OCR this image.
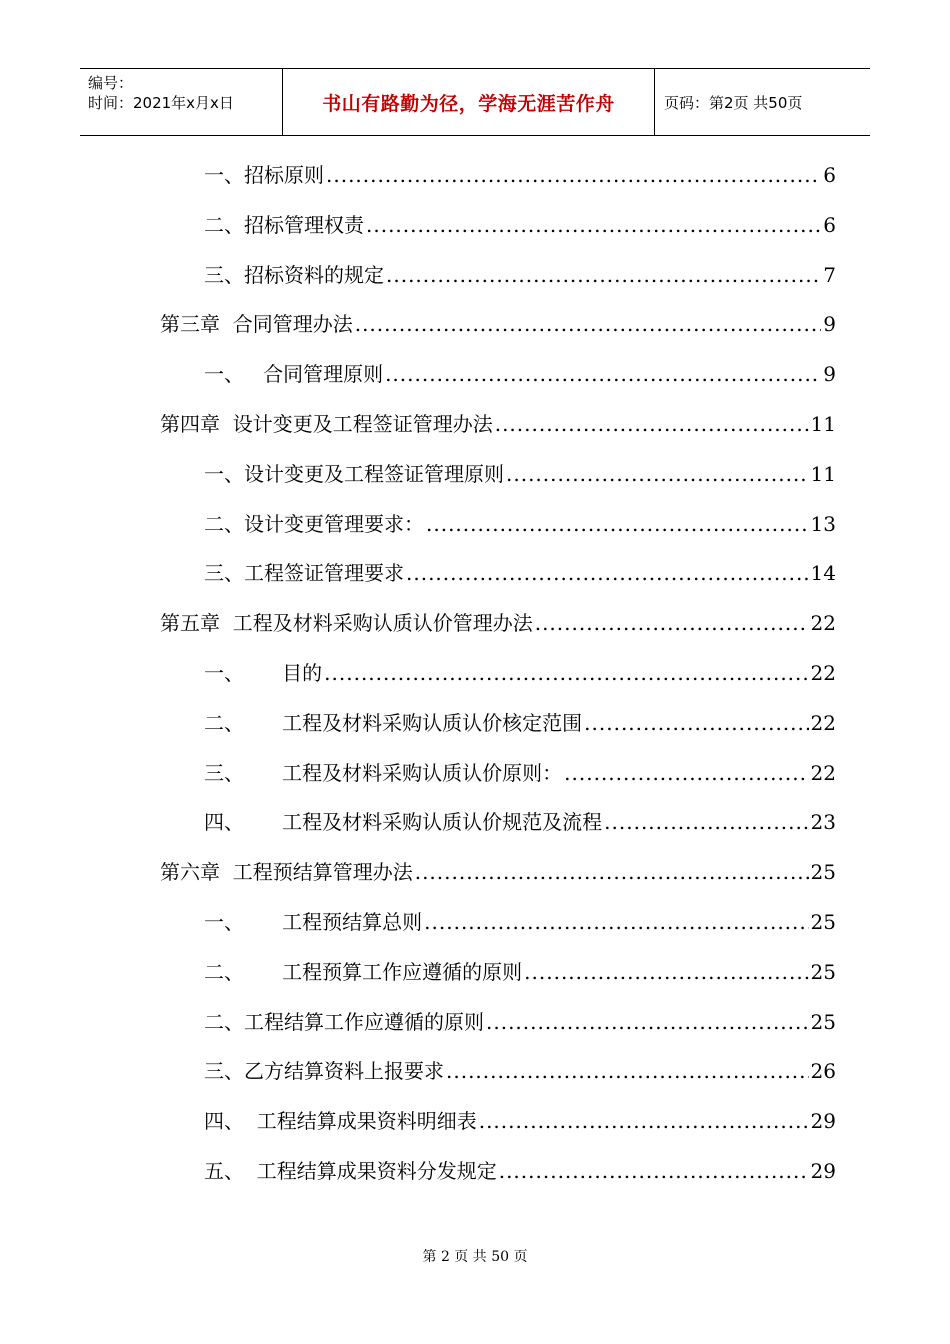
编号：
时间：2021年x月x日	书山有路勤为径，学海无涯苦作舟	页码：第2页 共50页
一、招标原则 .....	6
二、招标管理权责 .....	6
三、招标资料的规定 .....	7
第三章  合同管理办法 .....	9
一、   合同管理原则 .....	9
第四章  设计变更及工程签证管理办法 .....	11
一、设计变更及工程签证管理原则 .....	11
二、设计变更管理要求： .....	13
三、工程签证管理要求 .....	14
第五章  工程及材料采购认质认价管理办法 .....	22
一、      目的 .....	22
二、      工程及材料采购认质认价核定范围 .....	22
三、      工程及材料采购认质认价原则： .....	22
四、      工程及材料采购认质认价规范及流程 .....	23
第六章  工程预结算管理办法 .....	25
一、      工程预结算总则 .....	25
二、      工程预算工作应遵循的原则 .....	25
二、工程结算工作应遵循的原则 .....	25
三、乙方结算资料上报要求 .....	26
四、  工程结算成果资料明细表 .....	29
五、  工程结算成果资料分发规定 .....	29
第 2 页 共 50 页
